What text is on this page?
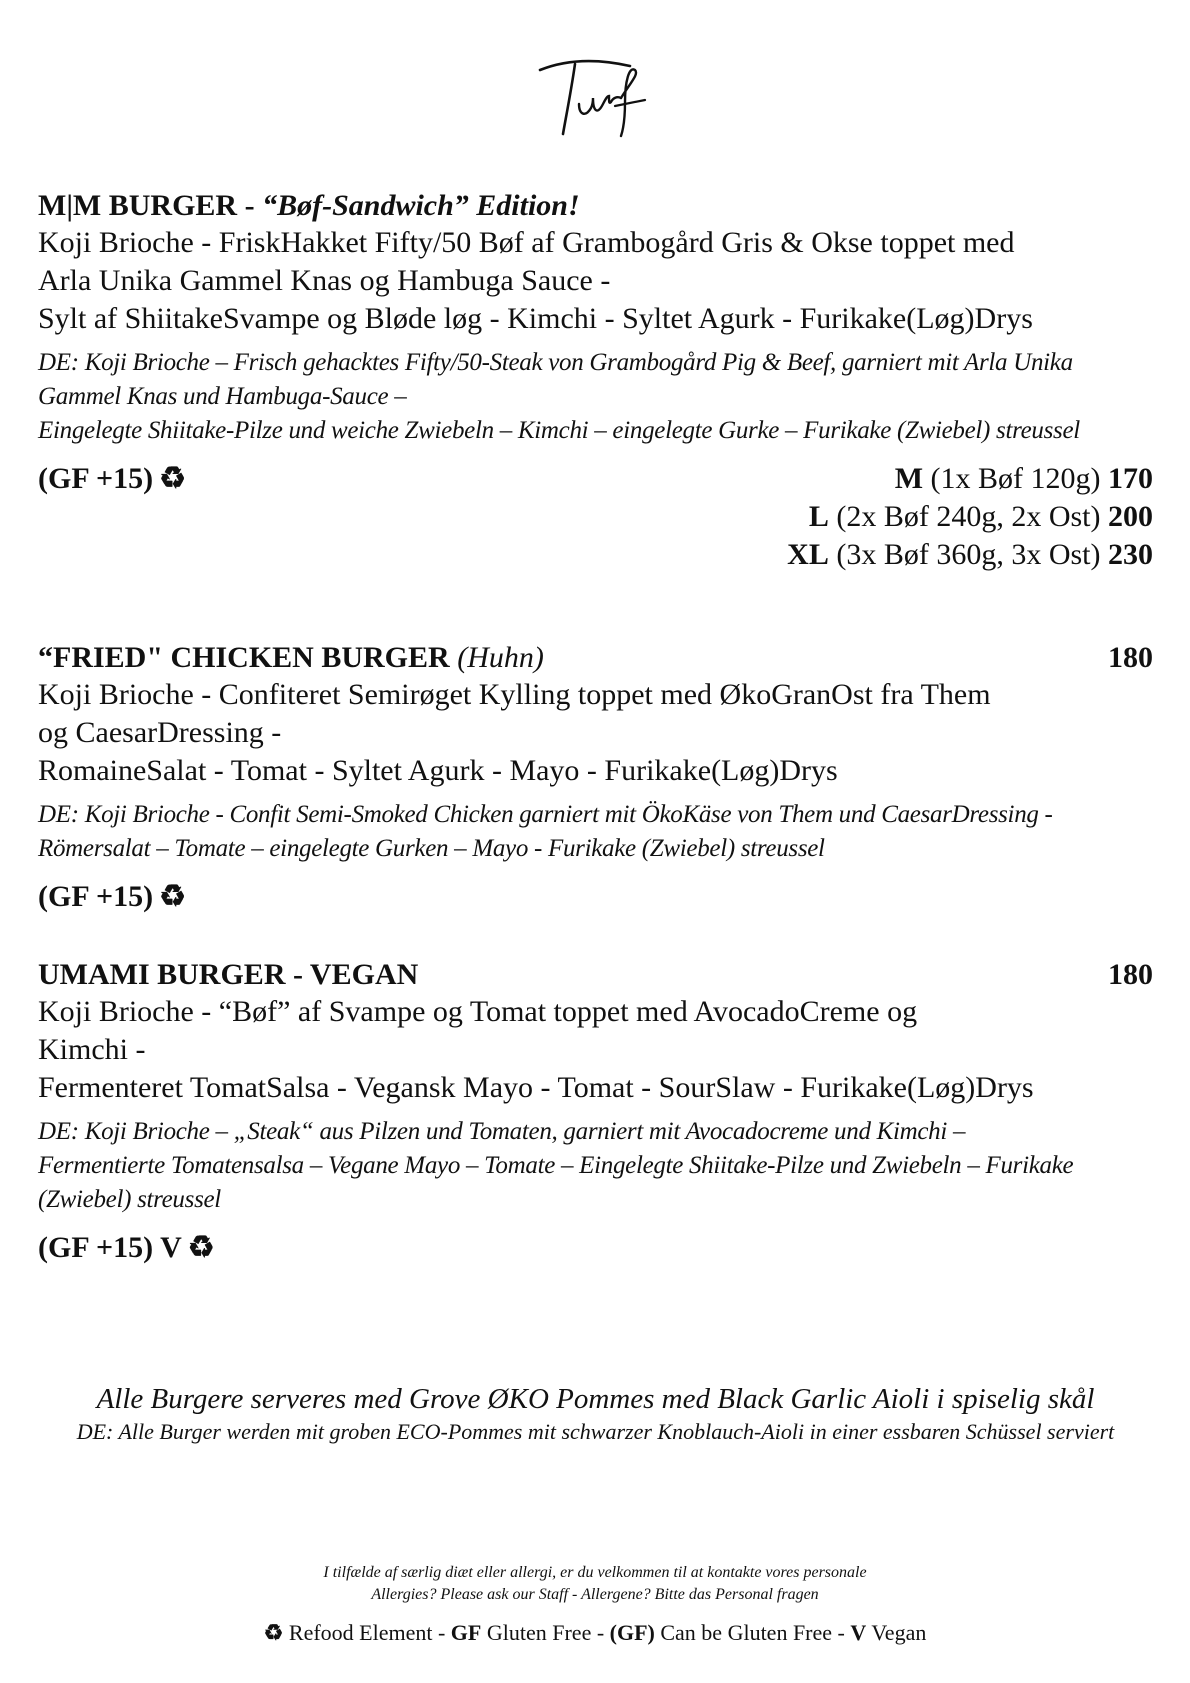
M|M BURGER - “Bøf-Sandwich” Edition!
Koji Brioche - FriskHakket Fifty/50 Bøf af Grambogård Gris & Okse toppet med
Arla Unika Gammel Knas og Hambuga Sauce -
Sylt af ShiitakeSvampe og Bløde løg - Kimchi - Syltet Agurk - Furikake(Løg)Drys
DE: Koji Brioche – Frisch gehacktes Fifty/50-Steak von Grambogård Pig & Beef, garniert mit Arla Unika
Gammel Knas und Hambuga-Sauce –
Eingelegte Shiitake-Pilze und weiche Zwiebeln – Kimchi – eingelegte Gurke – Furikake (Zwiebel) streussel
(GF +15) ♻	M (1x Bøf 120g) 170
L (2x Bøf 240g, 2x Ost) 200
XL (3x Bøf 360g, 3x Ost) 230
“FRIED" CHICKEN BURGER (Huhn)	180
Koji Brioche - Confiteret Semirøget Kylling toppet med ØkoGranOst fra Them
og CaesarDressing -
RomaineSalat - Tomat - Syltet Agurk - Mayo - Furikake(Løg)Drys
DE: Koji Brioche - Confit Semi-Smoked Chicken garniert mit ÖkoKäse von Them und CaesarDressing -
Römersalat – Tomate – eingelegte Gurken – Mayo - Furikake (Zwiebel) streussel
(GF +15) ♻
UMAMI BURGER - VEGAN	180
Koji Brioche - “Bøf” af Svampe og Tomat toppet med AvocadoCreme og
Kimchi -
Fermenteret TomatSalsa - Vegansk Mayo - Tomat - SourSlaw - Furikake(Løg)Drys
DE: Koji Brioche – „Steak“ aus Pilzen und Tomaten, garniert mit Avocadocreme und Kimchi –
Fermentierte Tomatensalsa – Vegane Mayo – Tomate – Eingelegte Shiitake-Pilze und Zwiebeln – Furikake
(Zwiebel) streussel
(GF +15) V ♻
Alle Burgere serveres med Grove ØKO Pommes med Black Garlic Aioli i spiselig skål
DE: Alle Burger werden mit groben ECO-Pommes mit schwarzer Knoblauch-Aioli in einer essbaren Schüssel serviert
I tilfælde af særlig diæt eller allergi, er du velkommen til at kontakte vores personale
Allergies? Please ask our Staff - Allergene? Bitte das Personal fragen
♻ Refood Element - GF Gluten Free - (GF) Can be Gluten Free - V Vegan
